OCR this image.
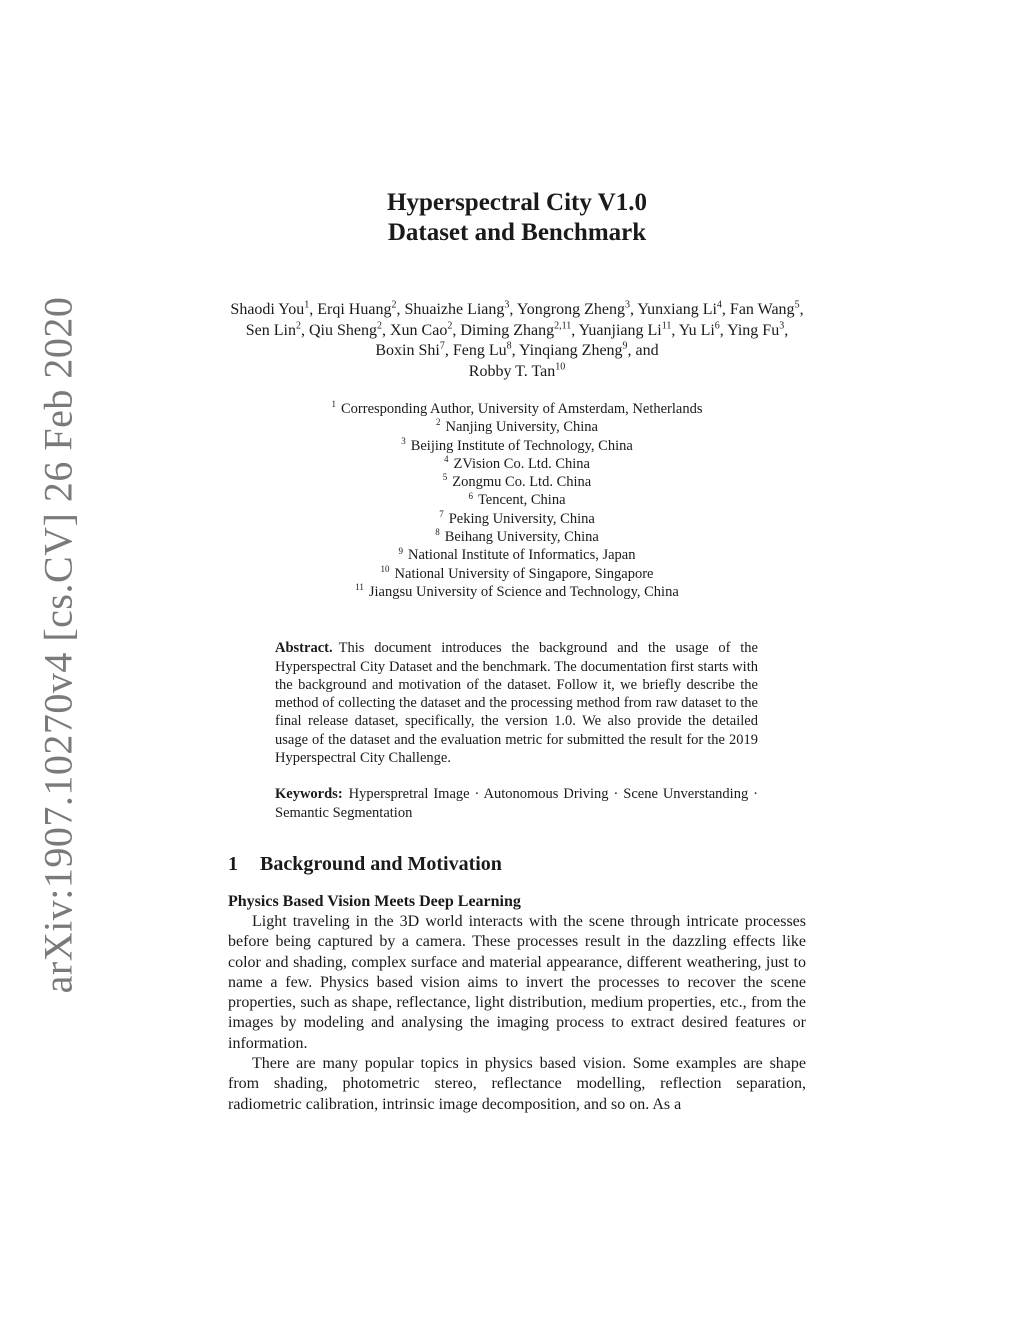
arXiv:1907.10270v4 [cs.CV] 26 Feb 2020
Hyperspectral City V1.0
Dataset and Benchmark
Shaodi You$^1$, Erqi Huang$^2$, Shuaizhe Liang$^3$, Yongrong Zheng$^3$, Yunxiang Li$^4$, Fan Wang$^5$, Sen Lin$^2$, Qiu Sheng$^2$, Xun Cao$^2$, Diming Zhang$^{2,11}$, Yuanjiang Li$^{11}$, Yu Li$^6$, Ying Fu$^3$, Boxin Shi$^7$, Feng Lu$^8$, Yinqiang Zheng$^9$, and
Robby T. Tan$^{10}$
$^1$ Corresponding Author, University of Amsterdam, Netherlands
$^2$ Nanjing University, China
$^3$ Beijing Institute of Technology, China
$^4$ ZVision Co. Ltd. China
$^5$ Zongmu Co. Ltd. China
$^6$ Tencent, China
$^7$ Peking University, China
$^8$ Beihang University, China
$^9$ National Institute of Informatics, Japan
$^{10}$ National University of Singapore, Singapore
$^{11}$ Jiangsu University of Science and Technology, China
Abstract. This document introduces the background and the usage of the Hyperspectral City Dataset and the benchmark. The documentation first starts with the background and motivation of the dataset. Follow it, we briefly describe the method of collecting the dataset and the processing method from raw dataset to the final release dataset, specifically, the version 1.0. We also provide the detailed usage of the dataset and the evaluation metric for submitted the result for the 2019 Hyperspectral City Challenge.
Keywords: Hyperspretral Image · Autonomous Driving · Scene Unverstanding · Semantic Segmentation
1 Background and Motivation
Physics Based Vision Meets Deep Learning

Light traveling in the 3D world interacts with the scene through intricate processes before being captured by a camera. These processes result in the dazzling effects like color and shading, complex surface and material appearance, different weathering, just to name a few. Physics based vision aims to invert the processes to recover the scene properties, such as shape, reflectance, light distribution, medium properties, etc., from the images by modeling and analysing the imaging process to extract desired features or information.

There are many popular topics in physics based vision. Some examples are shape from shading, photometric stereo, reflectance modelling, reflection separation, radiometric calibration, intrinsic image decomposition, and so on. As a
